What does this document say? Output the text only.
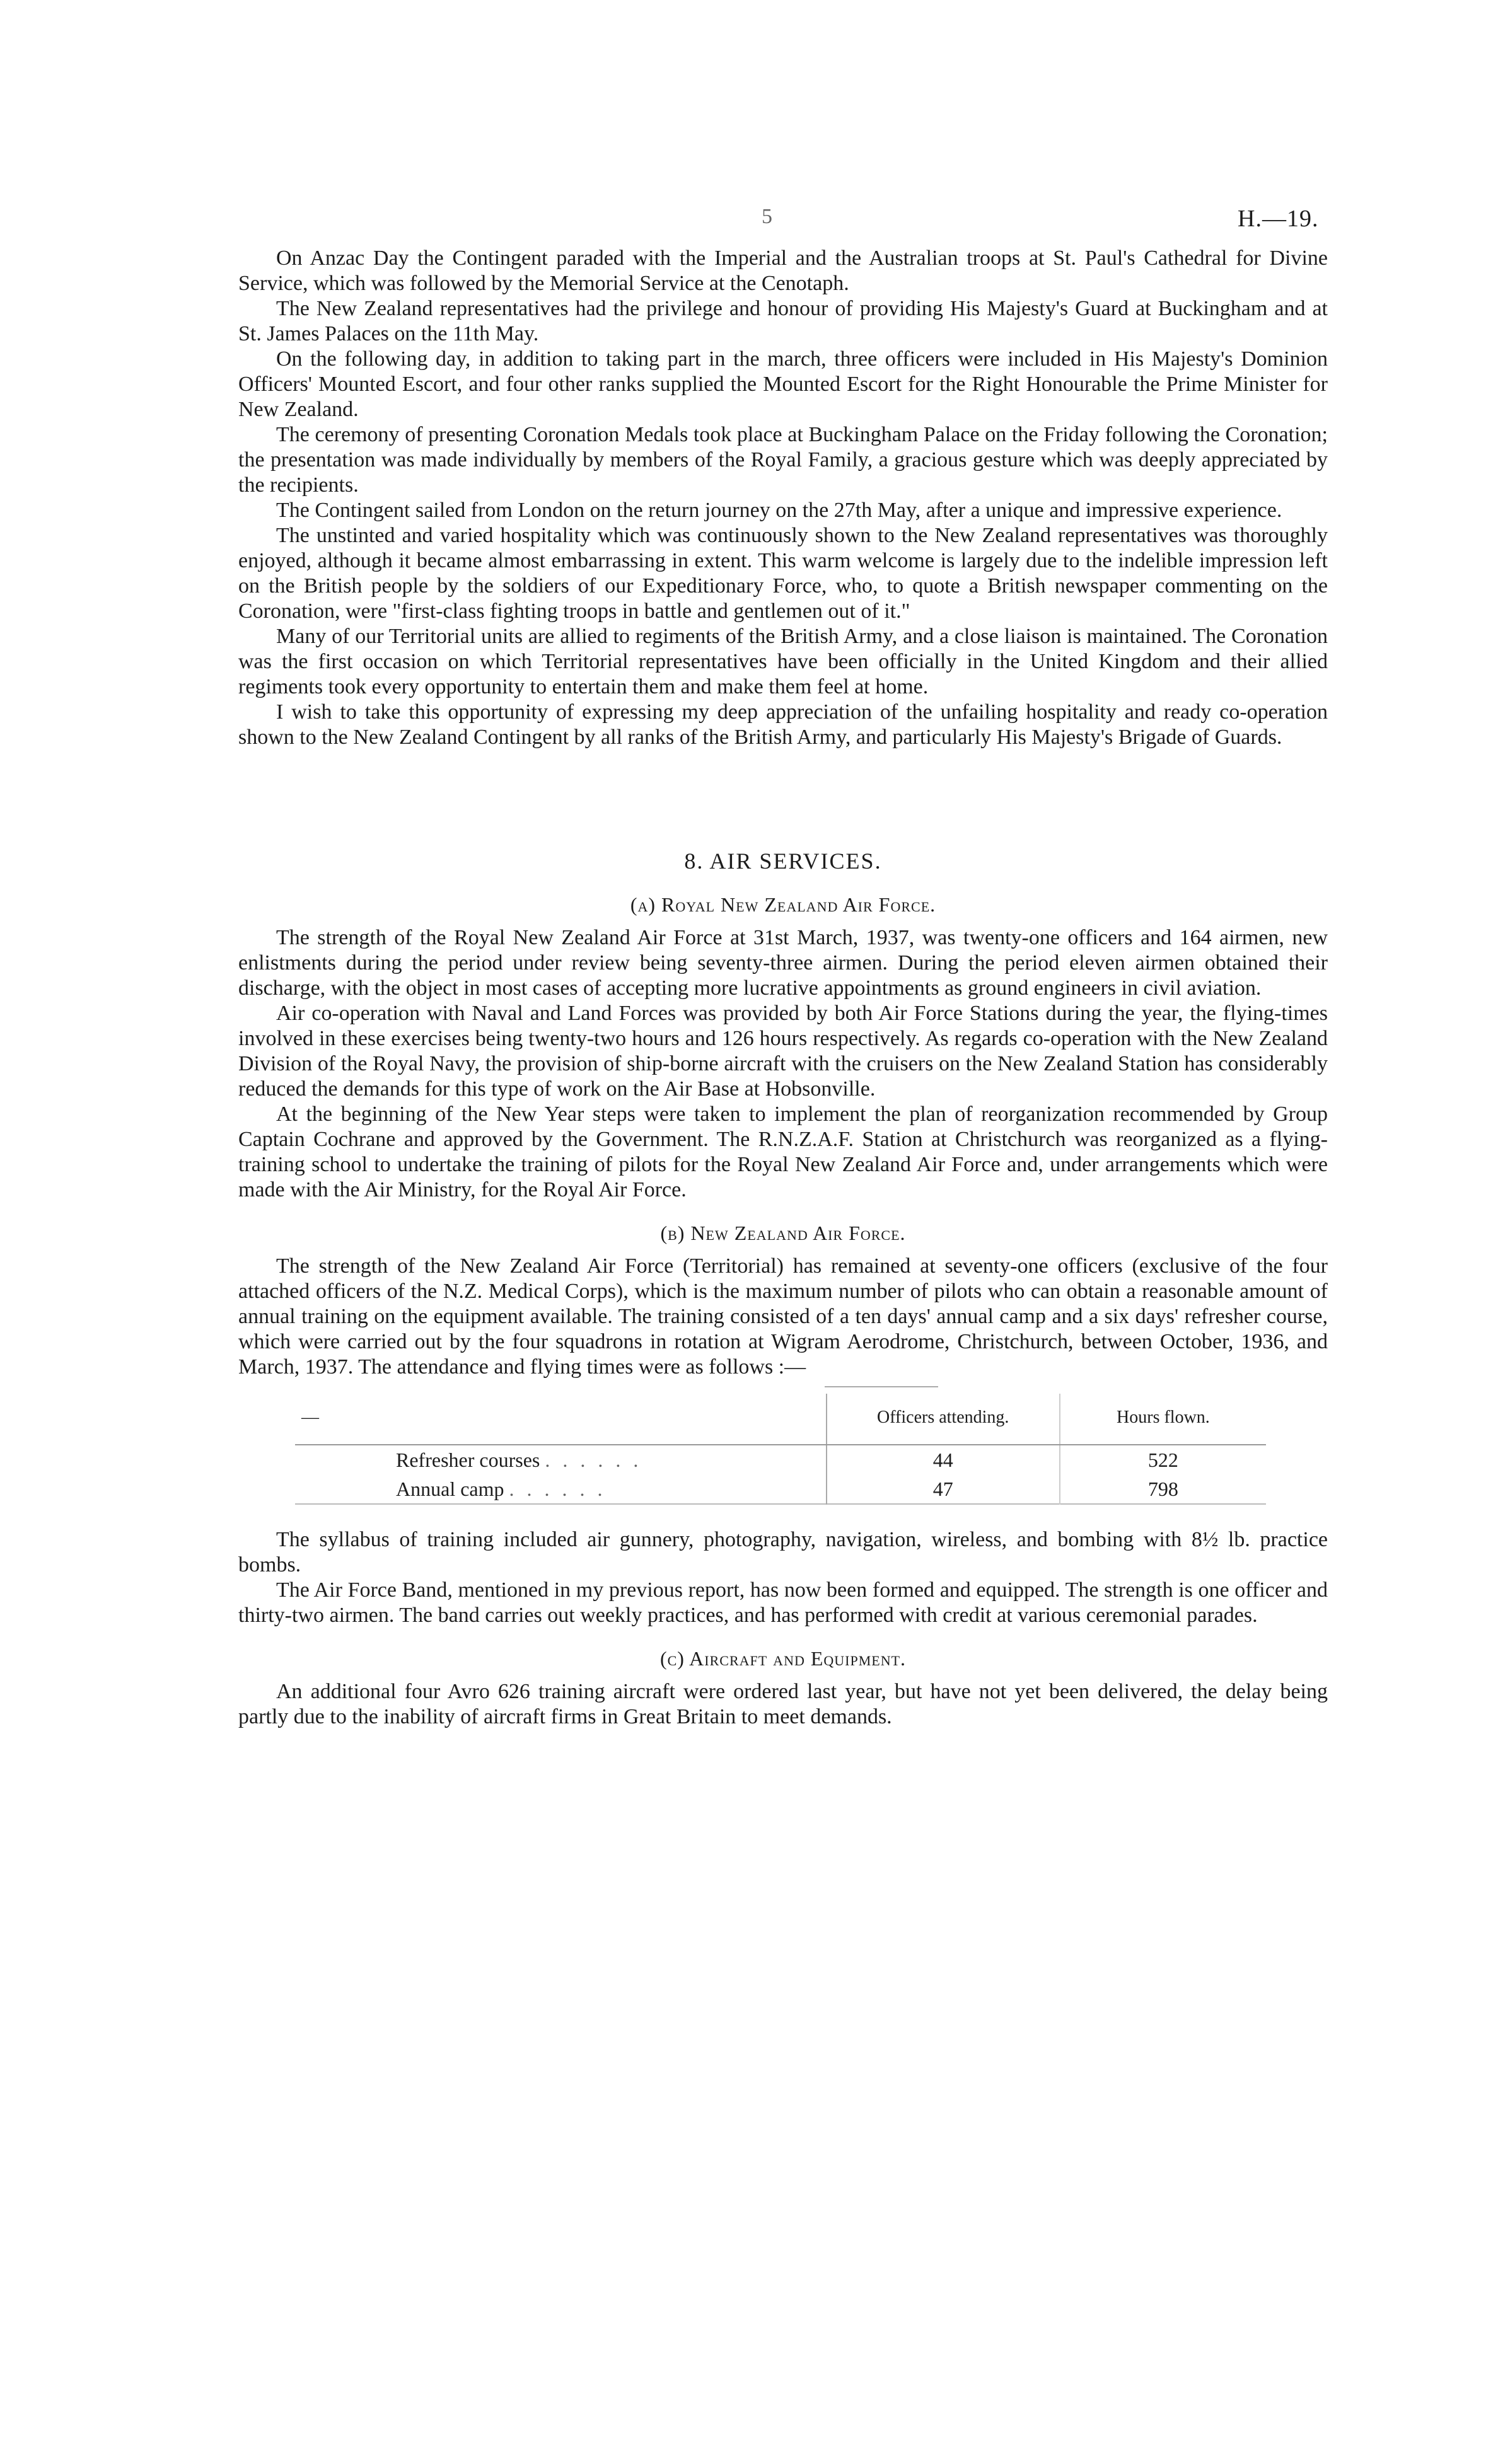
5	H.—19.

On Anzac Day the Contingent paraded with the Imperial and the Australian troops at St. Paul's Cathedral for Divine Service, which was followed by the Memorial Service at the Cenotaph.

The New Zealand representatives had the privilege and honour of providing His Majesty's Guard at Buckingham and at St. James Palaces on the 11th May.

On the following day, in addition to taking part in the march, three officers were included in His Majesty's Dominion Officers' Mounted Escort, and four other ranks supplied the Mounted Escort for the Right Honourable the Prime Minister for New Zealand.

The ceremony of presenting Coronation Medals took place at Buckingham Palace on the Friday following the Coronation; the presentation was made individually by members of the Royal Family, a gracious gesture which was deeply appreciated by the recipients.

The Contingent sailed from London on the return journey on the 27th May, after a unique and impressive experience.

The unstinted and varied hospitality which was continuously shown to the New Zealand representatives was thoroughly enjoyed, although it became almost embarrassing in extent. This warm welcome is largely due to the indelible impression left on the British people by the soldiers of our Expeditionary Force, who, to quote a British newspaper commenting on the Coronation, were "first-class fighting troops in battle and gentlemen out of it."

Many of our Territorial units are allied to regiments of the British Army, and a close liaison is maintained. The Coronation was the first occasion on which Territorial representatives have been officially in the United Kingdom and their allied regiments took every opportunity to entertain them and make them feel at home.

I wish to take this opportunity of expressing my deep appreciation of the unfailing hospitality and ready co-operation shown to the New Zealand Contingent by all ranks of the British Army, and particularly His Majesty's Brigade of Guards.

8. AIR SERVICES.
(a) Royal New Zealand Air Force.

The strength of the Royal New Zealand Air Force at 31st March, 1937, was twenty-one officers and 164 airmen, new enlistments during the period under review being seventy-three airmen. During the period eleven airmen obtained their discharge, with the object in most cases of accepting more lucrative appointments as ground engineers in civil aviation.

Air co-operation with Naval and Land Forces was provided by both Air Force Stations during the year, the flying-times involved in these exercises being twenty-two hours and 126 hours respectively. As regards co-operation with the New Zealand Division of the Royal Navy, the provision of ship-borne aircraft with the cruisers on the New Zealand Station has considerably reduced the demands for this type of work on the Air Base at Hobsonville.

At the beginning of the New Year steps were taken to implement the plan of reorganization recommended by Group Captain Cochrane and approved by the Government. The R.N.Z.A.F. Station at Christchurch was reorganized as a flying-training school to undertake the training of pilots for the Royal New Zealand Air Force and, under arrangements which were made with the Air Ministry, for the Royal Air Force.

(b) New Zealand Air Force.

The strength of the New Zealand Air Force (Territorial) has remained at seventy-one officers (exclusive of the four attached officers of the N.Z. Medical Corps), which is the maximum number of pilots who can obtain a reasonable amount of annual training on the equipment available. The training consisted of a ten days' annual camp and a six days' refresher course, which were carried out by the four squadrons in rotation at Wigram Aerodrome, Christchurch, between October, 1936, and March, 1937. The attendance and flying times were as follows :—

—	Officers attending.	Hours flown.
Refresher courses . . . . . .	44	522
Annual camp . . . . . .	47	798

The syllabus of training included air gunnery, photography, navigation, wireless, and bombing with 8½ lb. practice bombs.

The Air Force Band, mentioned in my previous report, has now been formed and equipped. The strength is one officer and thirty-two airmen. The band carries out weekly practices, and has performed with credit at various ceremonial parades.

(c) Aircraft and Equipment.

An additional four Avro 626 training aircraft were ordered last year, but have not yet been delivered, the delay being partly due to the inability of aircraft firms in Great Britain to meet demands.
